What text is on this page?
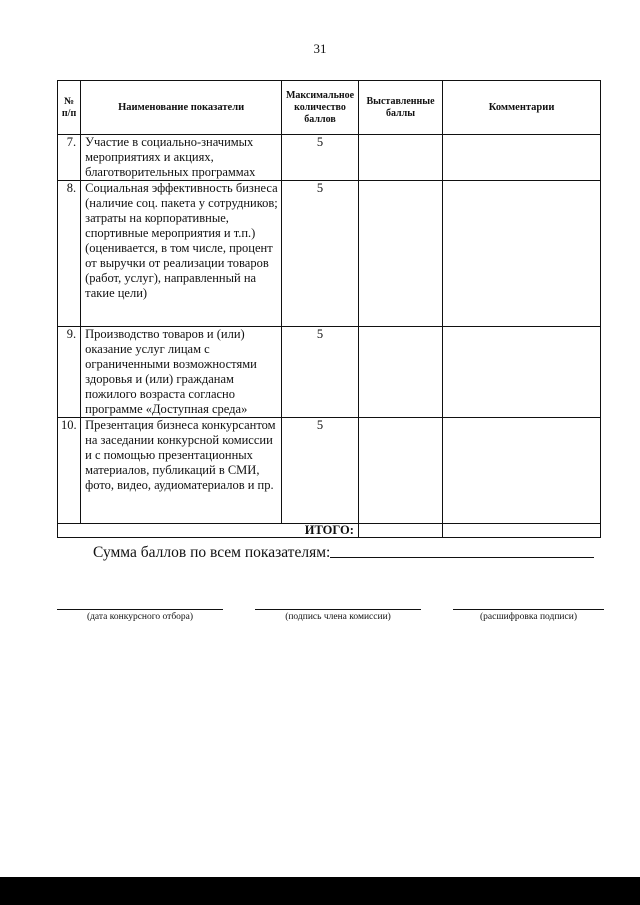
31
№ п/п	Наименование показатели	Максимальное количество баллов	Выставленные баллы	Комментарии
7.	Участие в социально-значимых мероприятиях и акциях, благотворительных программах	5		
8.	Социальная эффективность бизнеса (наличие соц. пакета у сотрудников; затраты на корпоративные, спортивные мероприятия и т.п.) (оценивается, в том числе, процент от выручки от реализации товаров (работ, услуг), направленный на такие цели)	5		
9.	Производство товаров и (или) оказание услуг лицам с ограниченными возможностями здоровья и (или) гражданам пожилого возраста согласно программе «Доступная среда»	5		
10.	Презентация бизнеса конкурсантом на заседании конкурсной комиссии и с помощью презентационных материалов, публикаций в СМИ, фото, видео, аудиоматериалов и пр.	5		
ИТОГО:				
Сумма баллов по всем показателям:
(дата конкурсного отбора)	(подпись члена комиссии)	(расшифровка подписи)
